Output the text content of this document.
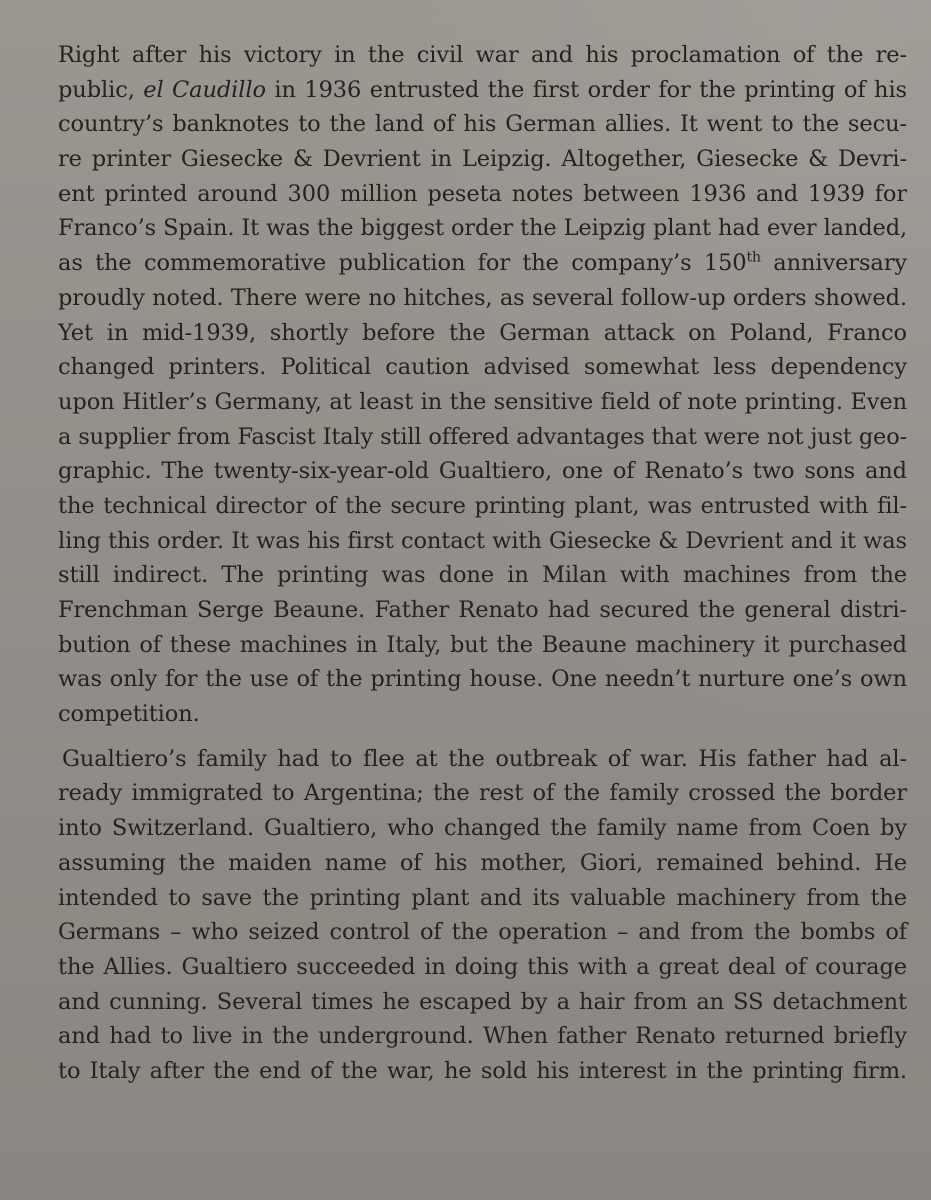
Right after his victory in the civil war and his proclamation of the re-
public, el Caudillo in 1936 entrusted the first order for the printing of his
country’s banknotes to the land of his German allies. It went to the secu-
re printer Giesecke & Devrient in Leipzig. Altogether, Giesecke & Devri-
ent printed around 300 million peseta notes between 1936 and 1939 for
Franco’s Spain. It was the biggest order the Leipzig plant had ever landed,
as the commemorative publication for the company’s 150th anniversary
proudly noted. There were no hitches, as several follow-up orders showed.
Yet in mid-1939, shortly before the German attack on Poland, Franco
changed printers. Political caution advised somewhat less dependency
upon Hitler’s Germany, at least in the sensitive field of note printing. Even
a supplier from Fascist Italy still offered advantages that were not just geo-
graphic. The twenty-six-year-old Gualtiero, one of Renato’s two sons and
the technical director of the secure printing plant, was entrusted with fil-
ling this order. It was his first contact with Giesecke & Devrient and it was
still indirect. The printing was done in Milan with machines from the
Frenchman Serge Beaune. Father Renato had secured the general distri-
bution of these machines in Italy, but the Beaune machinery it purchased
was only for the use of the printing house. One needn’t nurture one’s own
competition.
Gualtiero’s family had to flee at the outbreak of war. His father had al-
ready immigrated to Argentina; the rest of the family crossed the border
into Switzerland. Gualtiero, who changed the family name from Coen by
assuming the maiden name of his mother, Giori, remained behind. He
intended to save the printing plant and its valuable machinery from the
Germans – who seized control of the operation – and from the bombs of
the Allies. Gualtiero succeeded in doing this with a great deal of courage
and cunning. Several times he escaped by a hair from an SS detachment
and had to live in the underground. When father Renato returned briefly
to Italy after the end of the war, he sold his interest in the printing firm.
